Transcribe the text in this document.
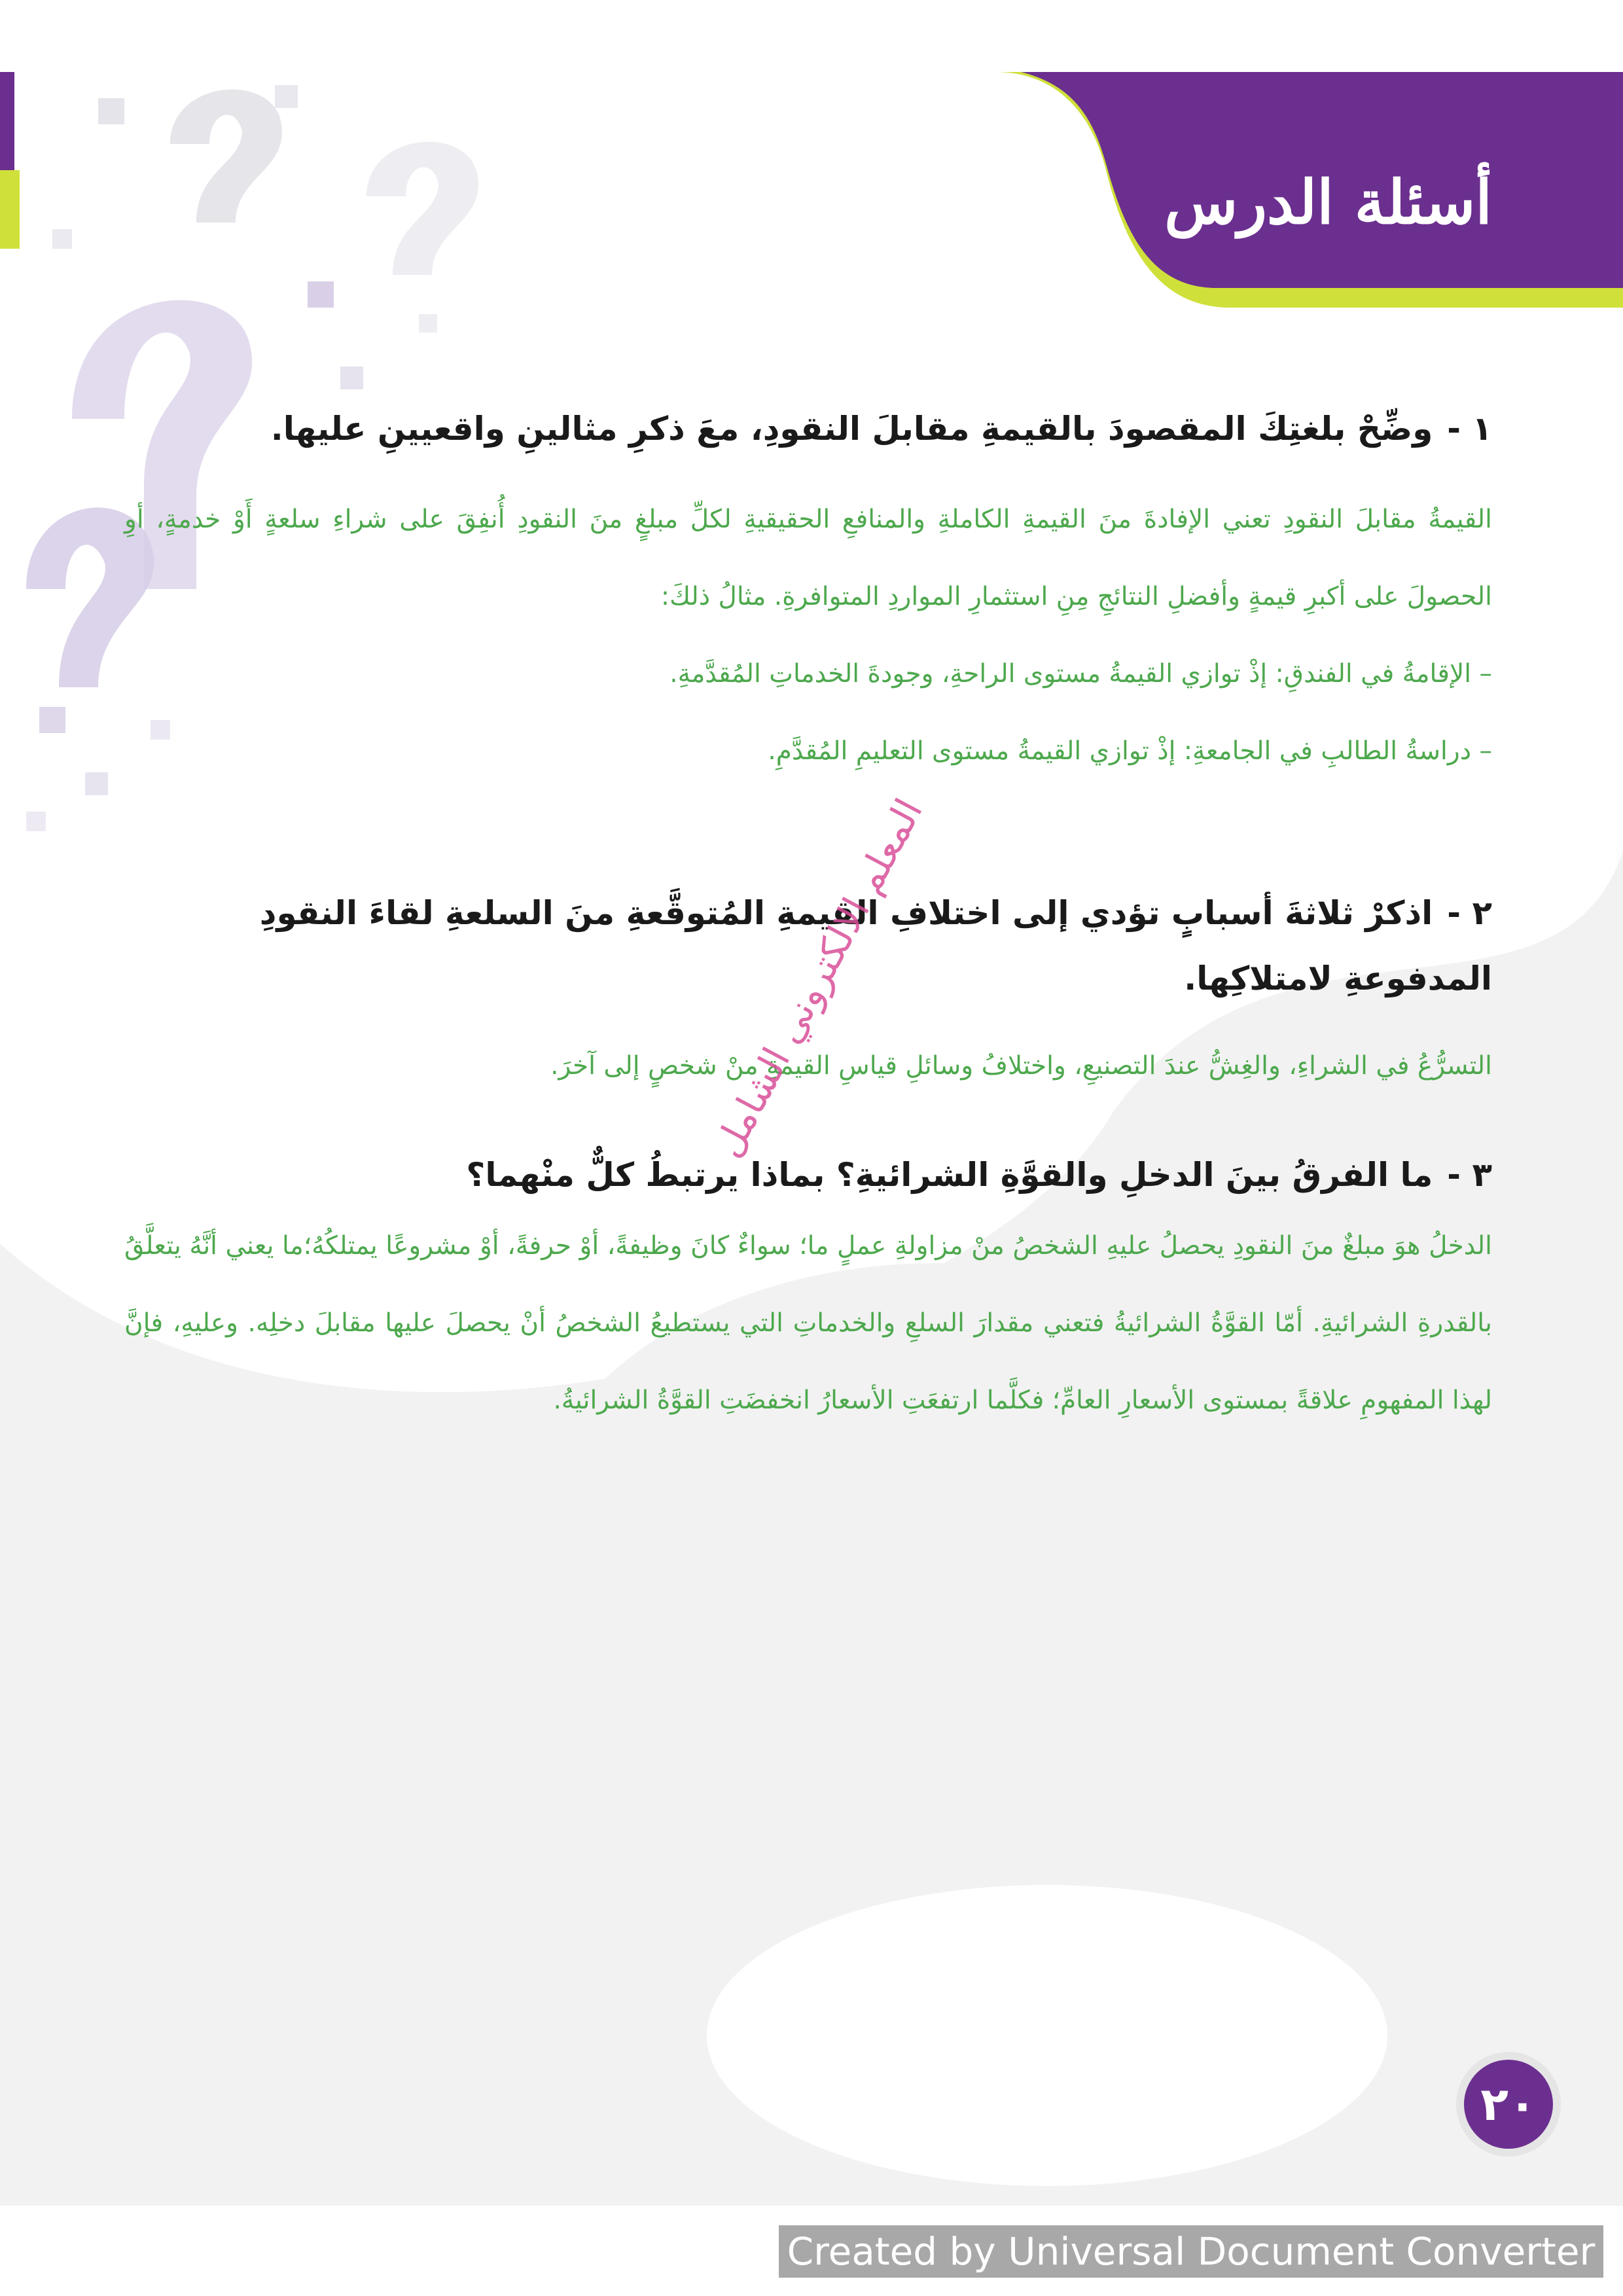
أسئلة الدرس

١ -وضِّحْ بلغتِكَ المقصودَ بالقيمةِ مقابلَ النقودِ، معَ ذكرِ مثالينِ واقعيينِ عليها.

القيمةُ مقابلَ النقودِ تعني الإفادةَ منَ القيمةِ الكاملةِ والمنافعِ الحقيقيةِ لكلِّ مبلغٍ منَ النقودِ أُنفِقَ على شراءِ سلعةٍ أَوْ خدمةٍ، أوِ الحصولَ على أكبرِ قيمةٍ وأفضلِ النتائجِ مِنِ استثمارِ المواردِ المتوافرةِ. مثالُ ذلكَ:

– الإقامةُ في الفندقِ: إذْ توازي القيمةُ مستوى الراحةِ، وجودةَ الخدماتِ المُقدَّمةِ.

– دراسةُ الطالبِ في الجامعةِ: إذْ توازي القيمةُ مستوى التعليمِ المُقدَّمِ.

٢ -اذكرْ ثلاثةَ أسبابٍ تؤدي إلى اختلافِ القيمةِ المُتوقَّعةِ منَ السلعةِ لقاءَ النقودِ المدفوعةِ لامتلاكِها.

التسرُّعُ في الشراءِ، والغِشُّ عندَ التصنيعِ، واختلافُ وسائلِ قياسِ القيمةِ منْ شخصٍ إلى آخرَ.

٣ -ما الفرقُ بينَ الدخلِ والقوَّةِ الشرائيةِ؟ بماذا يرتبطُ كلٌّ منْهما؟

الدخلُ هوَ مبلغٌ منَ النقودِ يحصلُ عليهِ الشخصُ منْ مزاولةِ عملٍ ما؛ سواءٌ كانَ وظيفةً، أوْ حرفةً، أوْ مشروعًا يمتلكُهُ؛ما يعني أنَّهُ يتعلَّقُ بالقدرةِ الشرائيةِ. أمّا القوَّةُ الشرائيةُ فتعني مقدارَ السلعِ والخدماتِ التي يستطيعُ الشخصُ أنْ يحصلَ عليها مقابلَ دخلِه. وعليهِ، فإنَّ لهذا المفهومِ علاقةً بمستوى الأسعارِ العامِّ؛ فكلَّما ارتفعَتِ الأسعارُ انخفضَتِ القوَّةُ الشرائيةُ.

المعلم الالكتروني الشامل
٢٠
Created by Universal Document Converter
